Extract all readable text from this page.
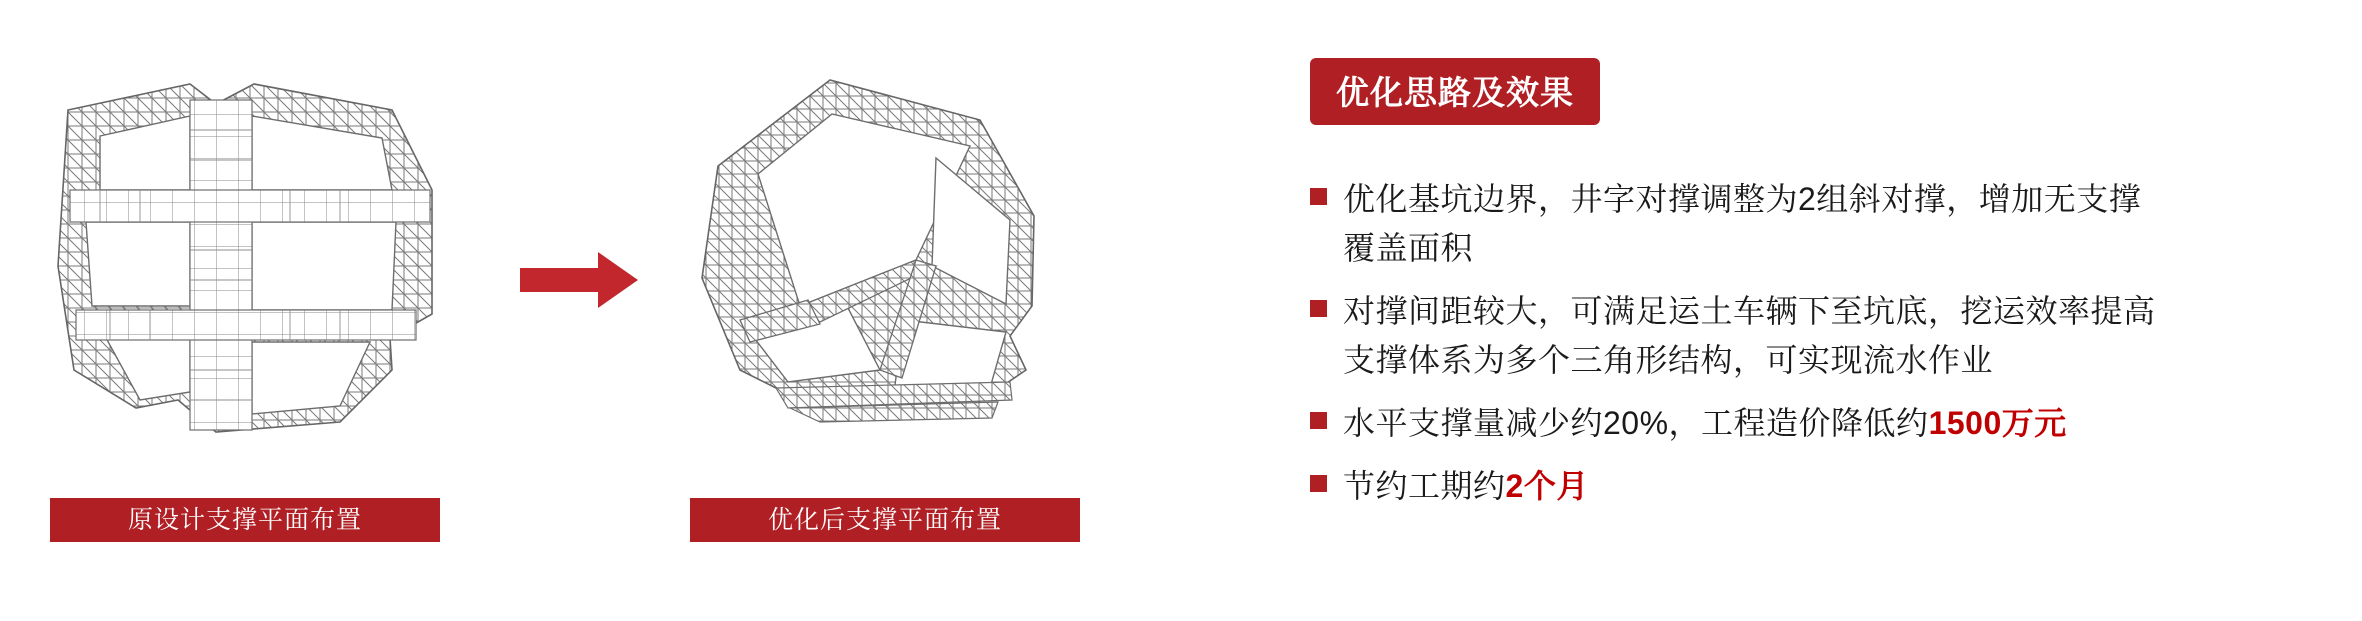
原设计支撑平面布置	优化后支撑平面布置
优化思路及效果
优化基坑边界，井字对撑调整为2组斜对撑，增加无支撑
覆盖面积
对撑间距较大，可满足运土车辆下至坑底，挖运效率提高
支撑体系为多个三角形结构，可实现流水作业
水平支撑量减少约20%，工程造价降低约1500万元
节约工期约2个月
